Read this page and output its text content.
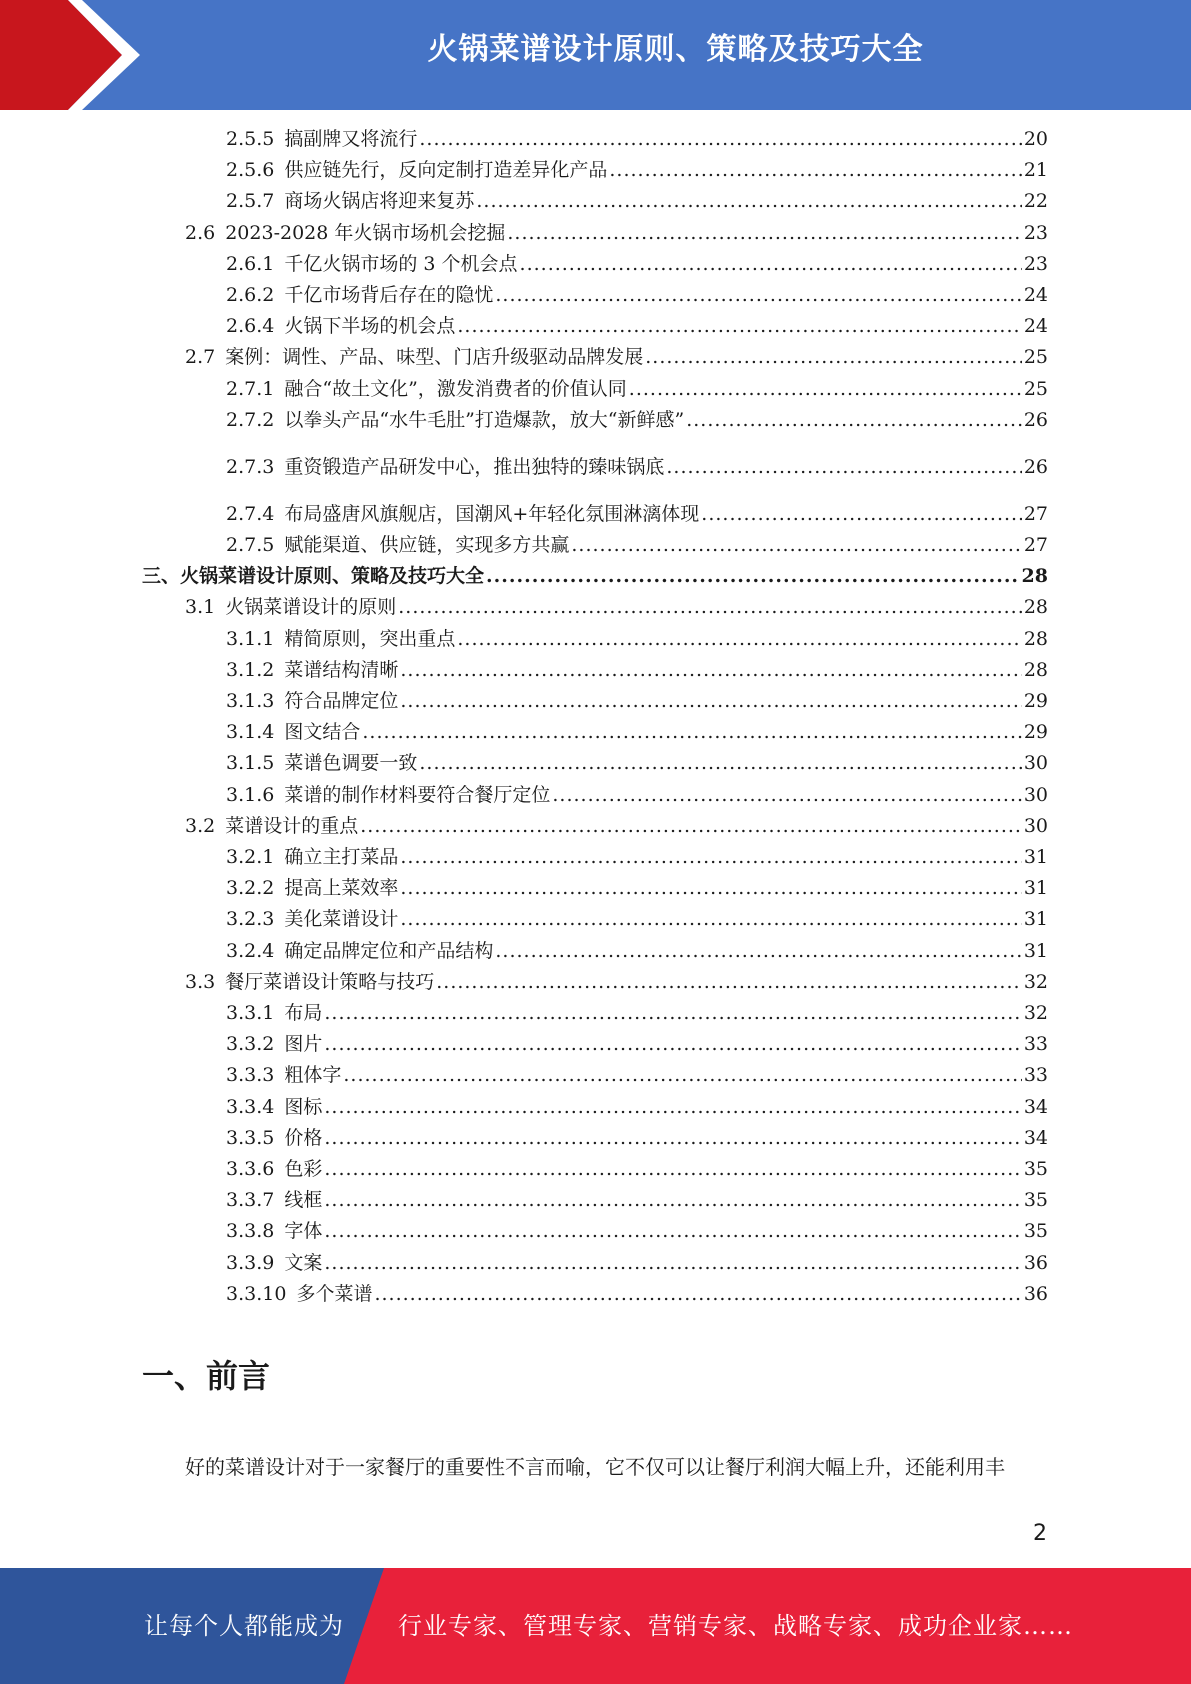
火锅菜谱设计原则、策略及技巧大全
2.5.5 搞副牌又将流行 .....	20
2.5.6 供应链先行，反向定制打造差异化产品 .....	21
2.5.7 商场火锅店将迎来复苏 .....	22
2.6 2023-2028 年火锅市场机会挖掘 .....	23
2.6.1 千亿火锅市场的 3 个机会点 .....	23
2.6.2 千亿市场背后存在的隐忧 .....	24
2.6.4 火锅下半场的机会点 .....	24
2.7 案例：调性、产品、味型、门店升级驱动品牌发展 .....	25
2.7.1 融合“故土文化”，激发消费者的价值认同 .....	25
2.7.2 以拳头产品“水牛毛肚”打造爆款，放大“新鲜感” .....	26
2.7.3 重资锻造产品研发中心，推出独特的臻味锅底 .....	26
2.7.4 布局盛唐风旗舰店，国潮风+年轻化氛围淋漓体现 .....	27
2.7.5 赋能渠道、供应链，实现多方共赢 .....	27
三、火锅菜谱设计原则、策略及技巧大全 .....	28
3.1 火锅菜谱设计的原则 .....	28
3.1.1 精简原则，突出重点 .....	28
3.1.2 菜谱结构清晰 .....	28
3.1.3 符合品牌定位 .....	29
3.1.4 图文结合 .....	29
3.1.5 菜谱色调要一致 .....	30
3.1.6 菜谱的制作材料要符合餐厅定位 .....	30
3.2 菜谱设计的重点 .....	30
3.2.1 确立主打菜品 .....	31
3.2.2 提高上菜效率 .....	31
3.2.3 美化菜谱设计 .....	31
3.2.4 确定品牌定位和产品结构 .....	31
3.3 餐厅菜谱设计策略与技巧 .....	32
3.3.1 布局 .....	32
3.3.2 图片 .....	33
3.3.3 粗体字 .....	33
3.3.4 图标 .....	34
3.3.5 价格 .....	34
3.3.6 色彩 .....	35
3.3.7 线框 .....	35
3.3.8 字体 .....	35
3.3.9 文案 .....	36
3.3.10 多个菜谱 .....	36
一、前言

好的菜谱设计对于一家餐厅的重要性不言而喻，它不仅可以让餐厅利润大幅上升，还能利用丰

2
让每个人都能成为 行业专家、管理专家、营销专家、战略专家、成功企业家……
